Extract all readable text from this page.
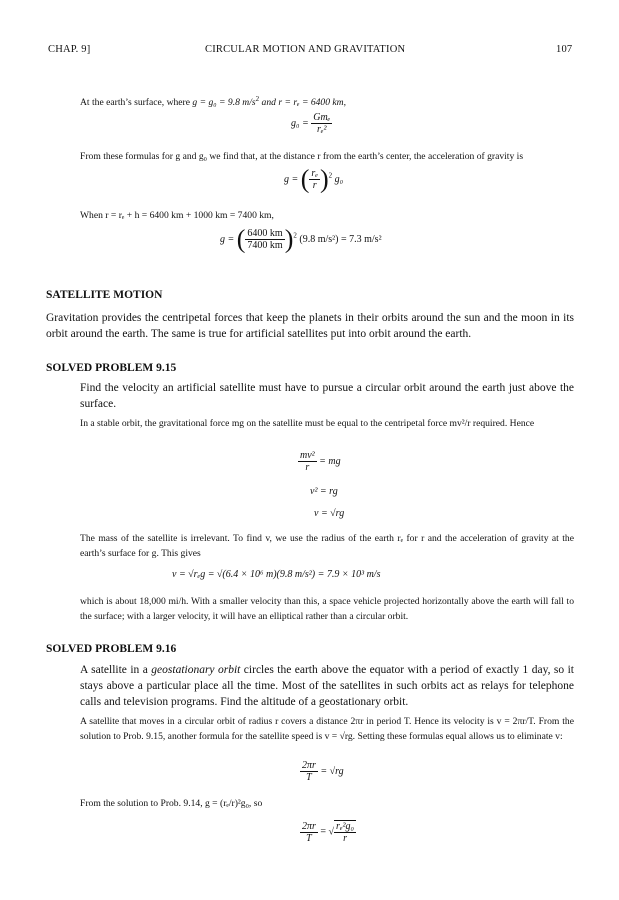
CHAP. 9]	CIRCULAR MOTION AND GRAVITATION	107
At the earth’s surface, where g = g₀ = 9.8 $m/s^2$ and r = rₑ = 6400 km,
$g_0 = \frac{\text{Gmₑ}}{\text{rₑ²}}$
From these formulas for g and g₀ we find that, at the distance r from the earth’s center, the acceleration of gravity is
g = ( $\frac{\text{rₑ}}{r} )^2$ g₀
When r = rₑ + h = 6400 km + 1000 km = 7400 km,
g = ( $\frac{6400 km}{7400 km} )^2$ (9.8 m/s²) = 7.3 m/s²
SATELLITE MOTION
Gravitation provides the centripetal forces that keep the planets in their orbits around the sun and the moon in its orbit around the earth. The same is true for artificial satellites put into orbit around the earth.
SOLVED PROBLEM 9.15
Find the velocity an artificial satellite must have to pursue a circular orbit around the earth just above the surface.
In a stable orbit, the gravitational force mg on the satellite must be equal to the centripetal force mv²/r required. Hence
$\frac{\text{mv²}}{r}$ = mg
v² = rg
v = √rg
The mass of the satellite is irrelevant. To find v, we use the radius of the earth rₑ for r and the acceleration of gravity at the earth’s surface for g. This gives
v = √rₑg = √(6.4 × 10⁶ m)(9.8 m/s²) = 7.9 × 10³ m/s
which is about 18,000 mi/h. With a smaller velocity than this, a space vehicle projected horizontally above the earth will fall to the surface; with a larger velocity, it will have an elliptical rather than a circular orbit.
SOLVED PROBLEM 9.16
A satellite in a geostationary orbit circles the earth above the equator with a period of exactly 1 day, so it stays above a particular place all the time. Most of the satellites in such orbits act as relays for telephone calls and television programs. Find the altitude of a geostationary orbit.
A satellite that moves in a circular orbit of radius r covers a distance 2πr in period T. Hence its velocity is v = 2πr/T. From the solution to Prob. 9.15, another formula for the satellite speed is v = √rg. Setting these formulas equal allows us to eliminate v:
$\frac{2\pi r}{T} = √rg$
From the solution to Prob. 9.14, g = (rₑ/r)²g₀, so
$\frac{2\pi r}{T}$ = √ $\frac{\text{rₑ²g₀}}{r}$
